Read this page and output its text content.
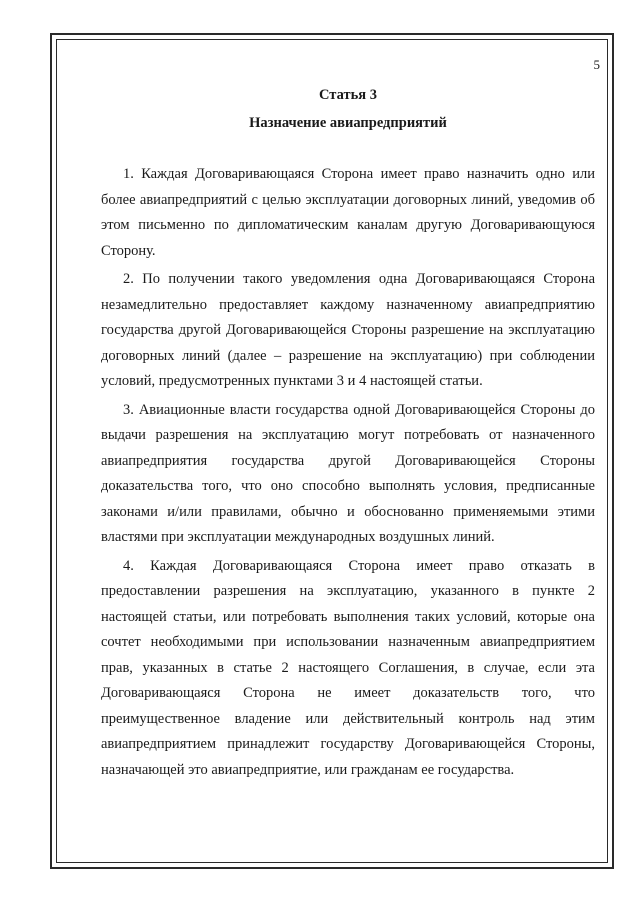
5

Статья 3

Назначение авиапредприятий

1. Каждая Договаривающаяся Сторона имеет право назначить одно или более авиапредприятий с целью эксплуатации договорных линий, уведомив об этом письменно по дипломатическим каналам другую Договаривающуюся Сторону.

2. По получении такого уведомления одна Договаривающаяся Сторона незамедлительно предоставляет каждому назначенному авиапредприятию государства другой Договаривающейся Стороны разрешение на эксплуатацию договорных линий (далее – разрешение на эксплуатацию) при соблюдении условий, предусмотренных пунктами 3 и 4 настоящей статьи.

3. Авиационные власти государства одной Договаривающейся Стороны до выдачи разрешения на эксплуатацию могут потребовать от назначенного авиапредприятия государства другой Договаривающейся Стороны доказательства того, что оно способно выполнять условия, предписанные законами и/или правилами, обычно и обоснованно применяемыми этими властями при эксплуатации международных воздушных линий.

4. Каждая Договаривающаяся Сторона имеет право отказать в предоставлении разрешения на эксплуатацию, указанного в пункте 2 настоящей статьи, или потребовать выполнения таких условий, которые она сочтет необходимыми при использовании назначенным авиапредприятием прав, указанных в статье 2 настоящего Соглашения, в случае, если эта Договаривающаяся Сторона не имеет доказательств того, что преимущественное владение или действительный контроль над этим авиапредприятием принадлежит государству Договаривающейся Стороны, назначающей это авиапредприятие, или гражданам ее государства.
